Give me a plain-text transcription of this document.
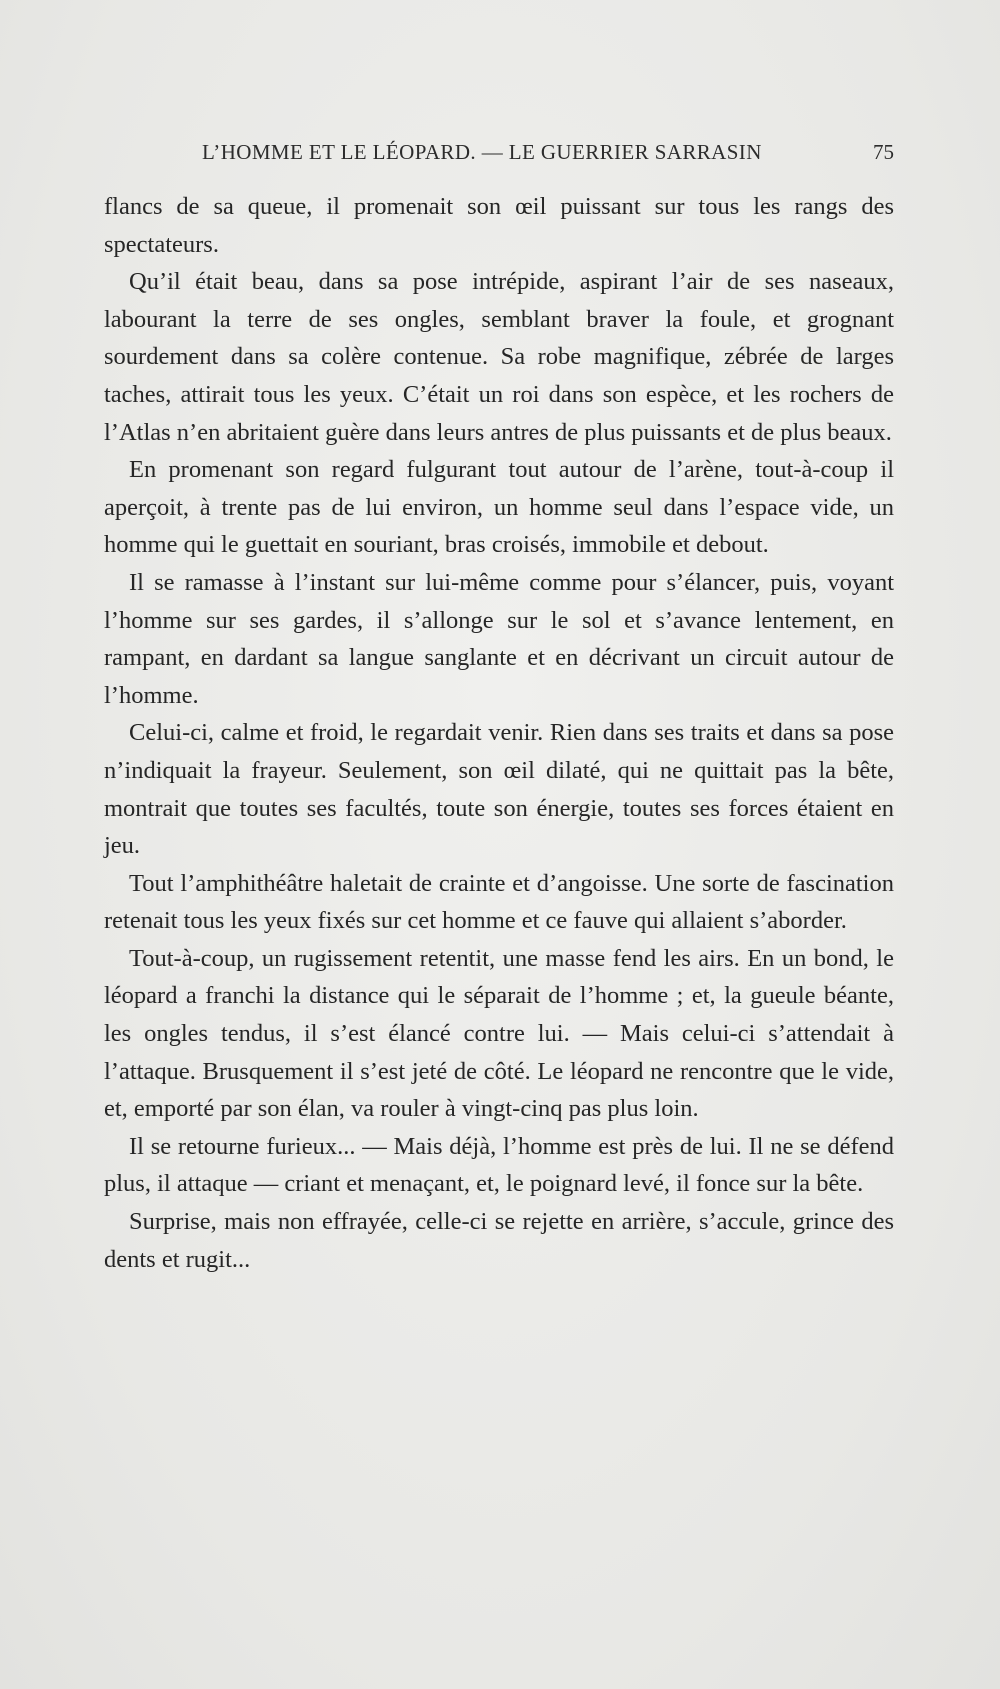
L’HOMME ET LE LÉOPARD. — LE GUERRIER SARRASIN	75

flancs de sa queue, il promenait son œil puissant sur tous les rangs des spectateurs.

Qu’il était beau, dans sa pose intrépide, aspirant l’air de ses naseaux, labourant la terre de ses ongles, semblant braver la foule, et grognant sourdement dans sa colère contenue. Sa robe magnifique, zébrée de larges taches, attirait tous les yeux. C’était un roi dans son espèce, et les rochers de l’Atlas n’en abritaient guère dans leurs antres de plus puissants et de plus beaux.

En promenant son regard fulgurant tout autour de l’arène, tout-à-coup il aperçoit, à trente pas de lui environ, un homme seul dans l’espace vide, un homme qui le guettait en souriant, bras croisés, immobile et debout.

Il se ramasse à l’instant sur lui-même comme pour s’élancer, puis, voyant l’homme sur ses gardes, il s’allonge sur le sol et s’avance lentement, en rampant, en dardant sa langue sanglante et en décrivant un circuit autour de l’homme.

Celui-ci, calme et froid, le regardait venir. Rien dans ses traits et dans sa pose n’indiquait la frayeur. Seulement, son œil dilaté, qui ne quittait pas la bête, montrait que toutes ses facultés, toute son énergie, toutes ses forces étaient en jeu.

Tout l’amphithéâtre haletait de crainte et d’angoisse. Une sorte de fascination retenait tous les yeux fixés sur cet homme et ce fauve qui allaient s’aborder.

Tout-à-coup, un rugissement retentit, une masse fend les airs. En un bond, le léopard a franchi la distance qui le séparait de l’homme ; et, la gueule béante, les ongles tendus, il s’est élancé contre lui. — Mais celui-ci s’attendait à l’attaque. Brusquement il s’est jeté de côté. Le léopard ne rencontre que le vide, et, emporté par son élan, va rouler à vingt-cinq pas plus loin.

Il se retourne furieux... — Mais déjà, l’homme est près de lui. Il ne se défend plus, il attaque — criant et menaçant, et, le poignard levé, il fonce sur la bête.

Surprise, mais non effrayée, celle-ci se rejette en arrière, s’accule, grince des dents et rugit...
